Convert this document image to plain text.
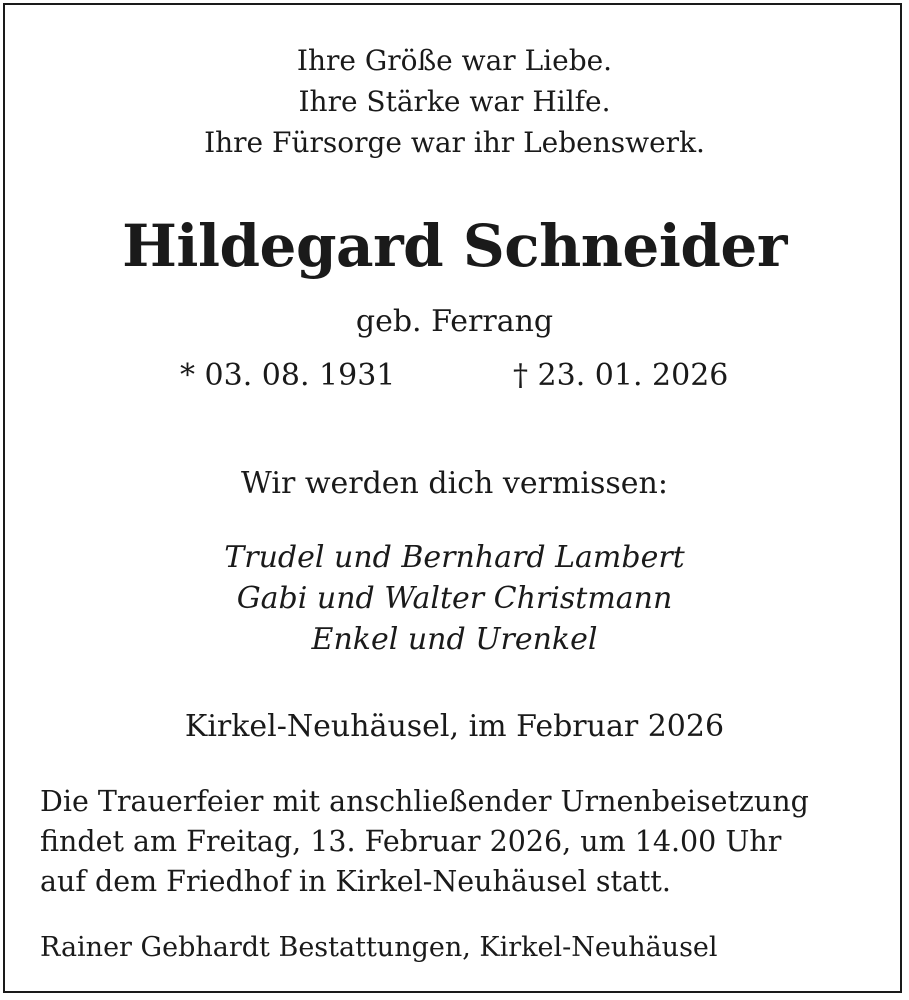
Ihre Größe war Liebe.
Ihre Stärke war Hilfe.
Ihre Fürsorge war ihr Lebenswerk.
Hildegard Schneider
geb. Ferrang
* 03. 08. 1931	† 23. 01. 2026
Wir werden dich vermissen:
Trudel und Bernhard Lambert
Gabi und Walter Christmann
Enkel und Urenkel
Kirkel-Neuhäusel, im Februar 2026
Die Trauerfeier mit anschließender Urnenbeisetzung
findet am Freitag, 13. Februar 2026, um 14.00 Uhr
auf dem Friedhof in Kirkel-Neuhäusel statt.
Rainer Gebhardt Bestattungen, Kirkel-Neuhäusel
